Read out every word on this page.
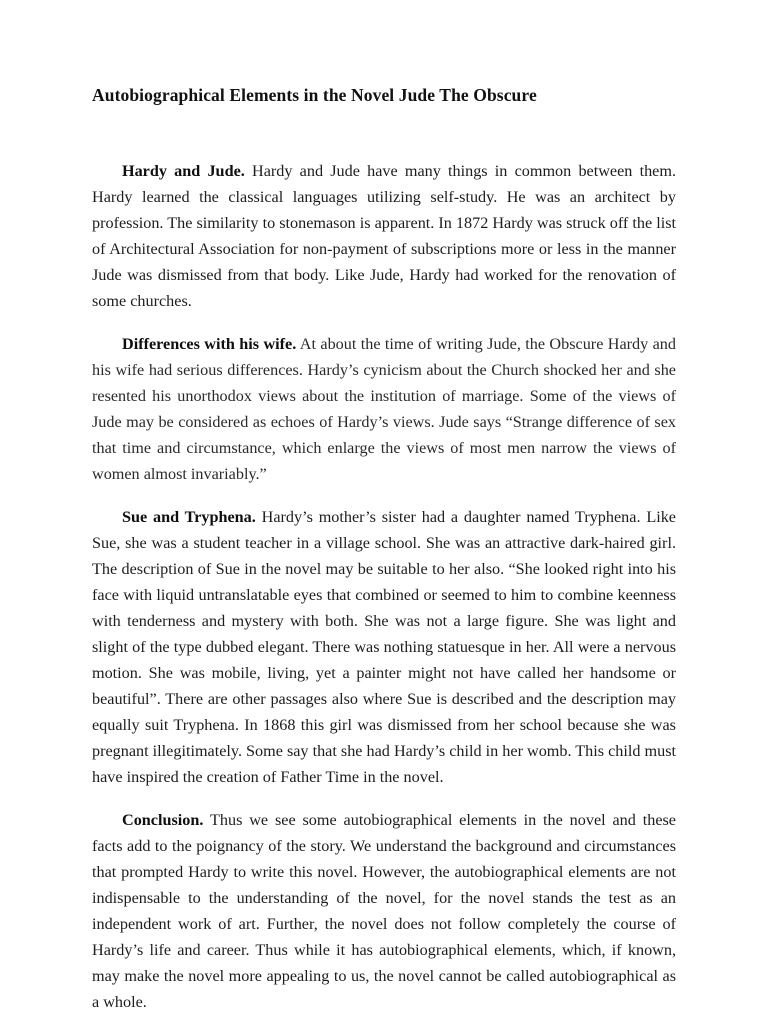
Autobiographical Elements in the Novel Jude The Obscure

Hardy and Jude. Hardy and Jude have many things in common between them. Hardy learned the classical languages utilizing self-study. He was an architect by profession. The similarity to stonemason is apparent. In 1872 Hardy was struck off the list of Architectural Association for non-payment of subscriptions more or less in the manner Jude was dismissed from that body. Like Jude, Hardy had worked for the renovation of some churches.

Differences with his wife. At about the time of writing Jude, the Obscure Hardy and his wife had serious differences. Hardy’s cynicism about the Church shocked her and she resented his unorthodox views about the institution of marriage. Some of the views of Jude may be considered as echoes of Hardy’s views. Jude says “Strange difference of sex that time and circumstance, which enlarge the views of most men narrow the views of women almost invariably.”

Sue and Tryphena. Hardy’s mother’s sister had a daughter named Tryphena. Like Sue, she was a student teacher in a village school. She was an attractive dark-haired girl. The description of Sue in the novel may be suitable to her also. “She looked right into his face with liquid untranslatable eyes that combined or seemed to him to combine keenness with tenderness and mystery with both. She was not a large figure. She was light and slight of the type dubbed elegant. There was nothing statuesque in her. All were a nervous motion. She was mobile, living, yet a painter might not have called her handsome or beautiful”. There are other passages also where Sue is described and the description may equally suit Tryphena. In 1868 this girl was dismissed from her school because she was pregnant illegitimately. Some say that she had Hardy’s child in her womb. This child must have inspired the creation of Father Time in the novel.

Conclusion. Thus we see some autobiographical elements in the novel and these facts add to the poignancy of the story. We understand the background and circumstances that prompted Hardy to write this novel. However, the autobiographical elements are not indispensable to the understanding of the novel, for the novel stands the test as an independent work of art. Further, the novel does not follow completely the course of Hardy’s life and career. Thus while it has autobiographical elements, which, if known, may make the novel more appealing to us, the novel cannot be called autobiographical as a whole.
